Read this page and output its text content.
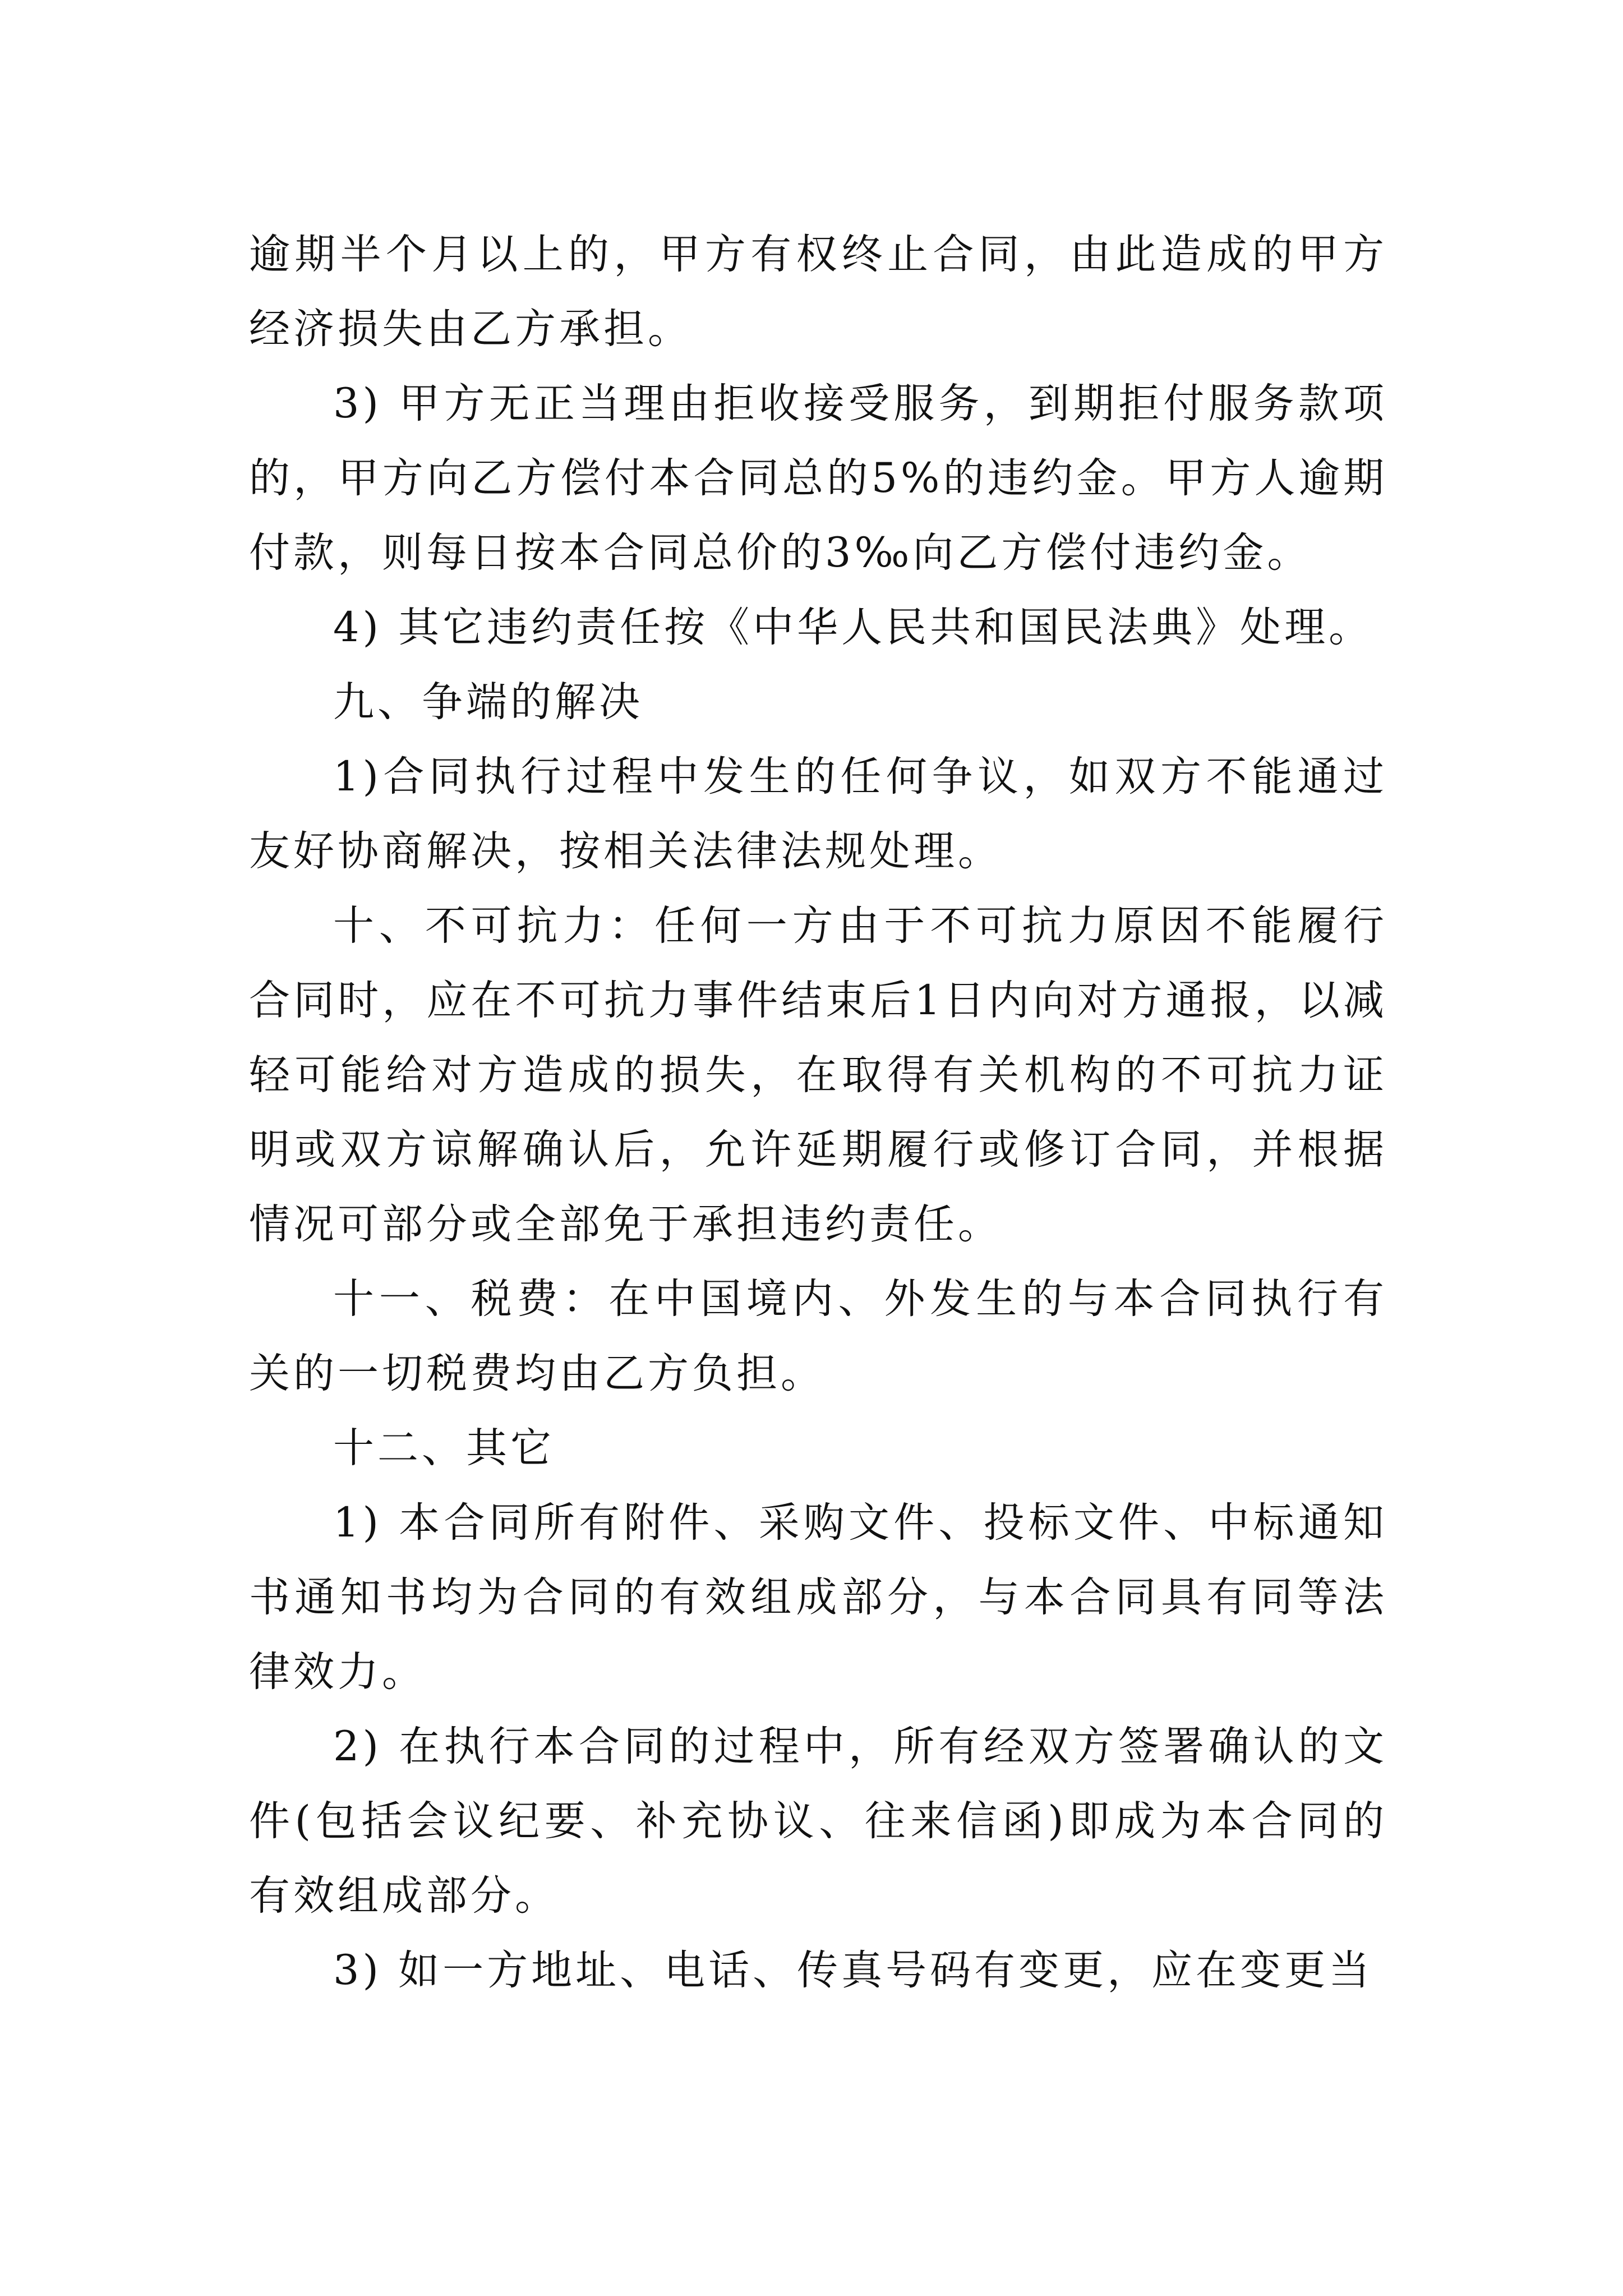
逾期半个月以上的，甲方有权终止合同，由此造成的甲方经济损失由乙方承担。

3) 甲方无正当理由拒收接受服务，到期拒付服务款项的，甲方向乙方偿付本合同总的5%的违约金。甲方人逾期付款，则每日按本合同总价的3‰向乙方偿付违约金。

4) 其它违约责任按《中华人民共和国民法典》处理。

九、争端的解决

1)合同执行过程中发生的任何争议，如双方不能通过友好协商解决，按相关法律法规处理。

十、不可抗力：任何一方由于不可抗力原因不能履行合同时，应在不可抗力事件结束后1日内向对方通报，以减轻可能给对方造成的损失，在取得有关机构的不可抗力证明或双方谅解确认后，允许延期履行或修订合同，并根据情况可部分或全部免于承担违约责任。

十一、税费：在中国境内、外发生的与本合同执行有关的一切税费均由乙方负担。

十二、其它

1) 本合同所有附件、采购文件、投标文件、中标通知书通知书均为合同的有效组成部分，与本合同具有同等法律效力。

2) 在执行本合同的过程中，所有经双方签署确认的文件(包括会议纪要、补充协议、往来信函)即成为本合同的有效组成部分。

3) 如一方地址、电话、传真号码有变更，应在变更当
